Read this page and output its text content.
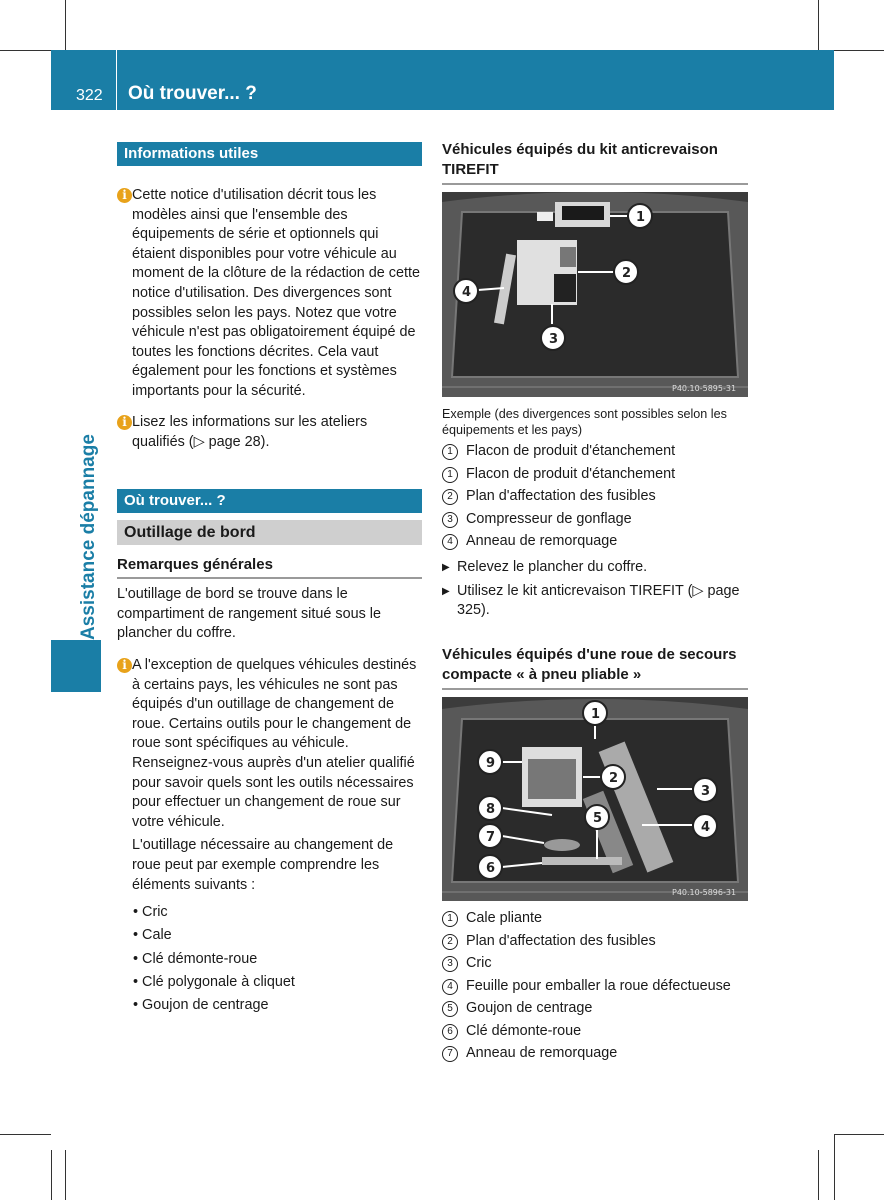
322 Où trouver... ?
Assistance dépannage
Informations utiles
i Cette notice d'utilisation décrit tous les modèles ainsi que l'ensemble des équipements de série et optionnels qui étaient disponibles pour votre véhicule au moment de la clôture de la rédaction de cette notice d'utilisation. Des divergences sont possibles selon les pays. Notez que votre véhicule n'est pas obligatoirement équipé de toutes les fonctions décrites. Cela vaut également pour les fonctions et systèmes importants pour la sécurité.
i Lisez les informations sur les ateliers qualifiés (▷ page 28).
Où trouver... ?
Outillage de bord
Remarques générales
L'outillage de bord se trouve dans le compartiment de rangement situé sous le plancher du coffre.
i A l'exception de quelques véhicules destinés à certains pays, les véhicules ne sont pas équipés d'un outillage de changement de roue. Certains outils pour le changement de roue sont spécifiques au véhicule. Renseignez-vous auprès d'un atelier qualifié pour savoir quels sont les outils nécessaires pour effectuer un changement de roue sur votre véhicule.
L'outillage nécessaire au changement de roue peut par exemple comprendre les éléments suivants :
• Cric
• Cale
• Clé démonte-roue
• Clé polygonale à cliquet
• Goujon de centrage
Véhicules équipés du kit anticrevaison TIREFIT
1
2
3
4
P40.10-5895-31
Exemple (des divergences sont possibles selon les équipements et les pays)
1 Flacon de produit d'étanchement
1 Flacon de produit d'étanchement
2 Plan d'affectation des fusibles
3 Compresseur de gonflage
4 Anneau de remorquage
▶ Relevez le plancher du coffre.
▶ Utilisez le kit anticrevaison TIREFIT (▷ page 325).
Véhicules équipés d'une roue de secours compacte « à pneu pliable »
1
2
3
4
5
6
7
8
9
P40.10-5896-31
1 Cale pliante
2 Plan d'affectation des fusibles
3 Cric
4 Feuille pour emballer la roue défectueuse
5 Goujon de centrage
6 Clé démonte-roue
7 Anneau de remorquage
